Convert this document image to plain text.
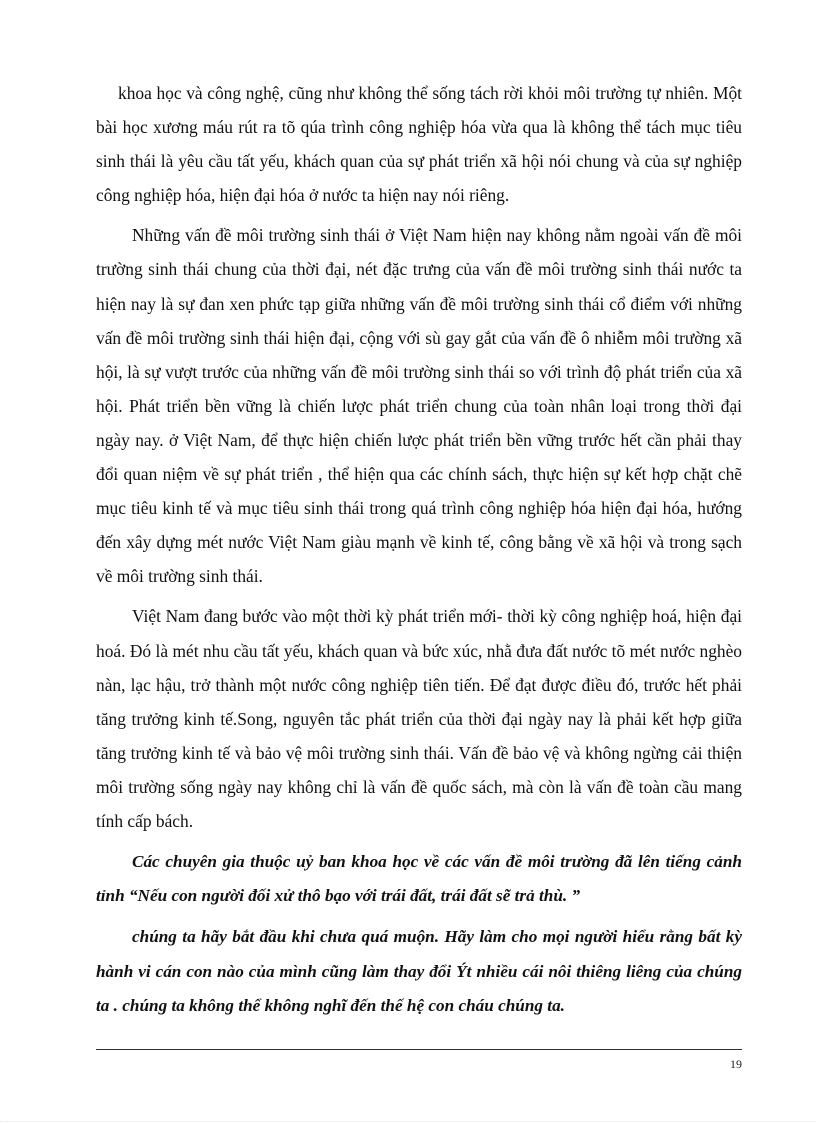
khoa học và công nghệ, cũng như không thể sống tách rời khỏi môi trường tự nhiên. Một bài học xương máu rút ra tõ qúa trình công nghiệp hóa vừa qua là không thể tách mục tiêu sinh thái là yêu cầu tất yếu, khách quan của sự phát triển xã hội nói chung và của sự nghiệp công nghiệp hóa, hiện đại hóa ở nước ta hiện nay nói riêng.

Những vấn đề môi trường sinh thái ở Việt Nam hiện nay không nằm ngoài vấn đề môi trường sinh thái chung của thời đại, nét đặc trưng của vấn đề môi trường sinh thái nước ta hiện nay là sự đan xen phức tạp giữa những vấn đề môi trường sinh thái cổ điểm với những vấn đề môi trường sinh thái hiện đại, cộng với sù gay gắt của vấn đề ô nhiễm môi trường xã hội, là sự vượt trước của những vấn đề môi trường sinh thái so với trình độ phát triển của xã hội. Phát triển bền vững là chiến lược phát triển chung của toàn nhân loại trong thời đại ngày nay. ở Việt Nam, để thực hiện chiến lược phát triển bền vững trước hết cần phải thay đổi quan niệm về sự phát triển , thể hiện qua các chính sách, thực hiện sự kết hợp chặt chẽ mục tiêu kinh tế và mục tiêu sinh thái trong quá trình công nghiệp hóa hiện đại hóa, hướng đến xây dựng mét nước Việt Nam giàu mạnh về kinh tế, công bằng về xã hội và trong sạch về môi trường sinh thái.

Việt Nam đang bước vào một thời kỳ phát triển mới- thời kỳ công nghiệp hoá, hiện đại hoá. Đó là mét nhu cầu tất yếu, khách quan và bức xúc, nhằ đưa đất nước tõ mét nước nghèo nàn, lạc hậu, trở thành một nước công nghiệp tiên tiến. Để đạt được điều đó, trước hết phải tăng trưởng kinh tế.Song, nguyên tắc phát triển của thời đại ngày nay là phải kết hợp giữa tăng trưởng kinh tế và bảo vệ môi trường sinh thái. Vấn đề bảo vệ và không ngừng cải thiện môi trường sống ngày nay không chỉ là vấn đề quốc sách, mà còn là vấn đề toàn cầu mang tính cấp bách.

Các chuyên gia thuộc uỷ ban khoa học về các vấn đề môi trường đã lên tiếng cảnh tỉnh “Nếu con người đối xử thô bạo với trái đất, trái đất sẽ trả thù. ”

chúng ta hãy bắt đầu khi chưa quá muộn. Hãy làm cho mọi người hiểu rằng bất kỳ hành vi cán con nào của mình cũng làm thay đổi Ýt nhiều cái nôi thiêng liêng của chúng ta . chúng ta không thể không nghĩ đến thế hệ con cháu chúng ta.

19
